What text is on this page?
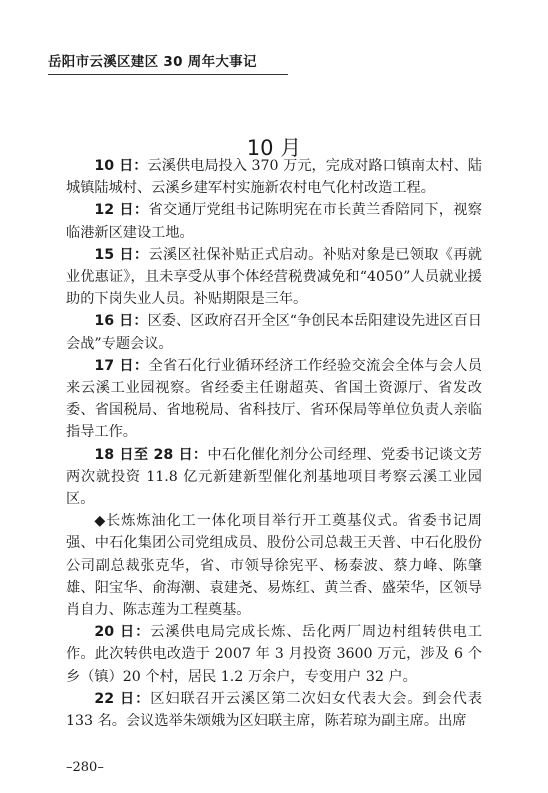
岳阳市云溪区建区 30 周年大事记
10 月

10 日：云溪供电局投入 370 万元，完成对路口镇南太村、陆城镇陆城村、云溪乡建军村实施新农村电气化村改造工程。

12 日：省交通厅党组书记陈明宪在市长黄兰香陪同下，视察临港新区建设工地。

15 日：云溪区社保补贴正式启动。补贴对象是已领取《再就业优惠证》，且未享受从事个体经营税费减免和“4050”人员就业援助的下岗失业人员。补贴期限是三年。

16 日：区委、区政府召开全区“争创民本岳阳建设先进区百日会战”专题会议。

17 日：全省石化行业循环经济工作经验交流会全体与会人员来云溪工业园视察。省经委主任谢超英、省国土资源厅、省发改委、省国税局、省地税局、省科技厅、省环保局等单位负责人亲临指导工作。

18 日至 28 日：中石化催化剂分公司经理、党委书记谈文芳两次就投资 11.8 亿元新建新型催化剂基地项目考察云溪工业园区。

◆长炼炼油化工一体化项目举行开工奠基仪式。省委书记周强、中石化集团公司党组成员、股份公司总裁王天普、中石化股份公司副总裁张克华，省、市领导徐宪平、杨泰波、蔡力峰、陈肇雄、阳宝华、俞海潮、袁建尧、易炼红、黄兰香、盛荣华，区领导肖自力、陈志莲为工程奠基。

20 日：云溪供电局完成长炼、岳化两厂周边村组转供电工作。此次转供电改造于 2007 年 3 月投资 3600 万元，涉及 6 个乡（镇）20 个村，居民 1.2 万余户，专变用户 32 户。

22 日：区妇联召开云溪区第二次妇女代表大会。到会代表 133 名。会议选举朱颂娥为区妇联主席，陈若琼为副主席。出席

–280–
